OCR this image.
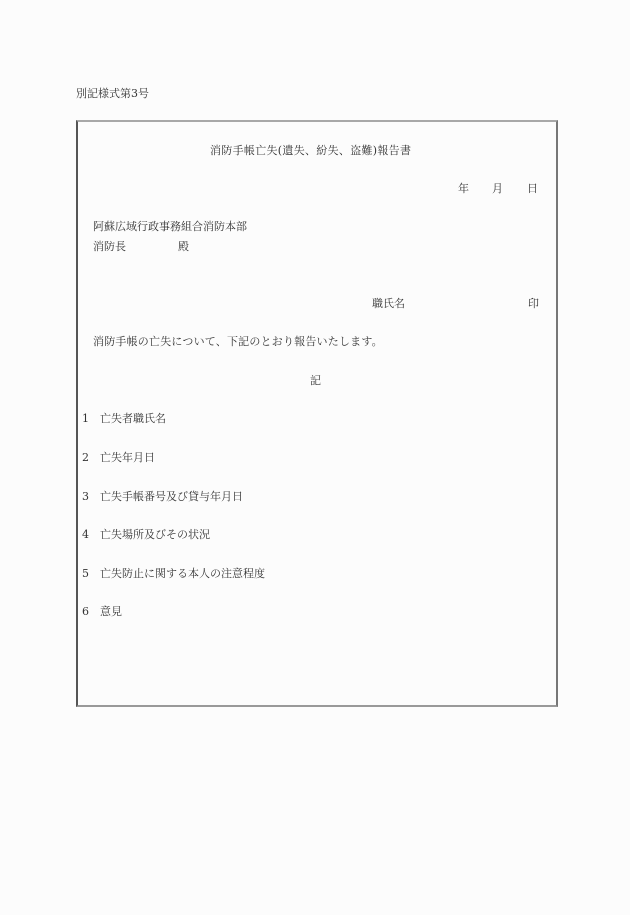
別記様式第3号
消防手帳亡失(遺失、紛失、盗難)報告書
年 月 日
阿蘇広域行政事務組合消防本部
消防長	殿
職氏名	印
消防手帳の亡失について、下記のとおり報告いたします。
記
1 亡失者職氏名
2 亡失年月日
3 亡失手帳番号及び貸与年月日
4 亡失場所及びその状況
5 亡失防止に関する本人の注意程度
6 意見
